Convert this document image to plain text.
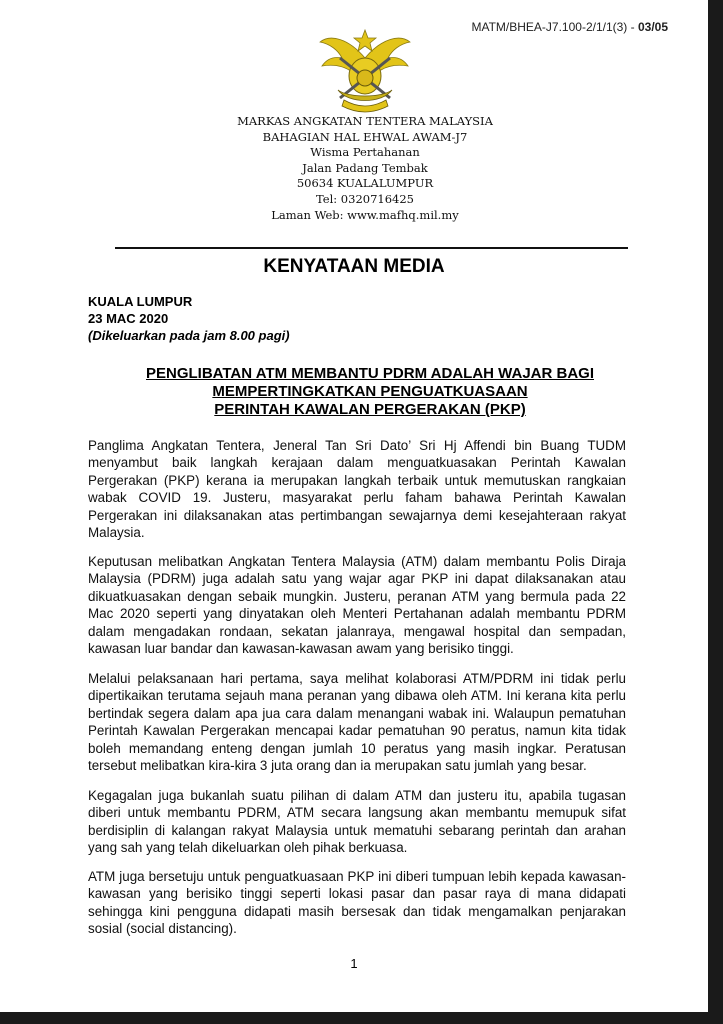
MATM/BHEA-J7.100-2/1/1(3) - 03/05
MARKAS ANGKATAN TENTERA MALAYSIA
BAHAGIAN HAL EHWAL AWAM-J7
Wisma Pertahanan
Jalan Padang Tembak
50634 KUALALUMPUR
Tel: 0320716425
Laman Web: www.mafhq.mil.my
KENYATAAN MEDIA
KUALA LUMPUR
23 MAC 2020
(Dikeluarkan pada jam 8.00 pagi)
PENGLIBATAN ATM MEMBANTU PDRM ADALAH WAJAR BAGI
MEMPERTINGKATKAN PENGUATKUASAAN
PERINTAH KAWALAN PERGERAKAN (PKP)
Panglima Angkatan Tentera, Jeneral Tan Sri Dato’ Sri Hj Affendi bin Buang TUDM menyambut baik langkah kerajaan dalam menguatkuasakan Perintah Kawalan Pergerakan (PKP) kerana ia merupakan langkah terbaik untuk memutuskan rangkaian wabak COVID 19. Justeru, masyarakat perlu faham bahawa Perintah Kawalan Pergerakan ini dilaksanakan atas pertimbangan sewajarnya demi kesejahteraan rakyat Malaysia.
Keputusan melibatkan Angkatan Tentera Malaysia (ATM) dalam membantu Polis Diraja Malaysia (PDRM) juga adalah satu yang wajar agar PKP ini dapat dilaksanakan atau dikuatkuasakan dengan sebaik mungkin. Justeru, peranan ATM yang bermula pada 22 Mac 2020 seperti yang dinyatakan oleh Menteri Pertahanan adalah membantu PDRM dalam mengadakan rondaan, sekatan jalanraya, mengawal hospital dan sempadan, kawasan luar bandar dan kawasan-kawasan awam yang berisiko tinggi.
Melalui pelaksanaan hari pertama, saya melihat kolaborasi ATM/PDRM ini tidak perlu dipertikaikan terutama sejauh mana peranan yang dibawa oleh ATM. Ini kerana kita perlu bertindak segera dalam apa jua cara dalam menangani wabak ini. Walaupun pematuhan Perintah Kawalan Pergerakan mencapai kadar pematuhan 90 peratus, namun kita tidak boleh memandang enteng dengan jumlah 10 peratus yang masih ingkar. Peratusan tersebut melibatkan kira-kira 3 juta orang dan ia merupakan satu jumlah yang besar.
Kegagalan juga bukanlah suatu pilihan di dalam ATM dan justeru itu, apabila tugasan diberi untuk membantu PDRM, ATM secara langsung akan membantu memupuk sifat berdisiplin di kalangan rakyat Malaysia untuk mematuhi sebarang perintah dan arahan yang sah yang telah dikeluarkan oleh pihak berkuasa.
ATM juga bersetuju untuk penguatkuasaan PKP ini diberi tumpuan lebih kepada kawasan-kawasan yang berisiko tinggi seperti lokasi pasar dan pasar raya di mana didapati sehingga kini pengguna didapati masih bersesak dan tidak mengamalkan penjarakan sosial (social distancing).
1
